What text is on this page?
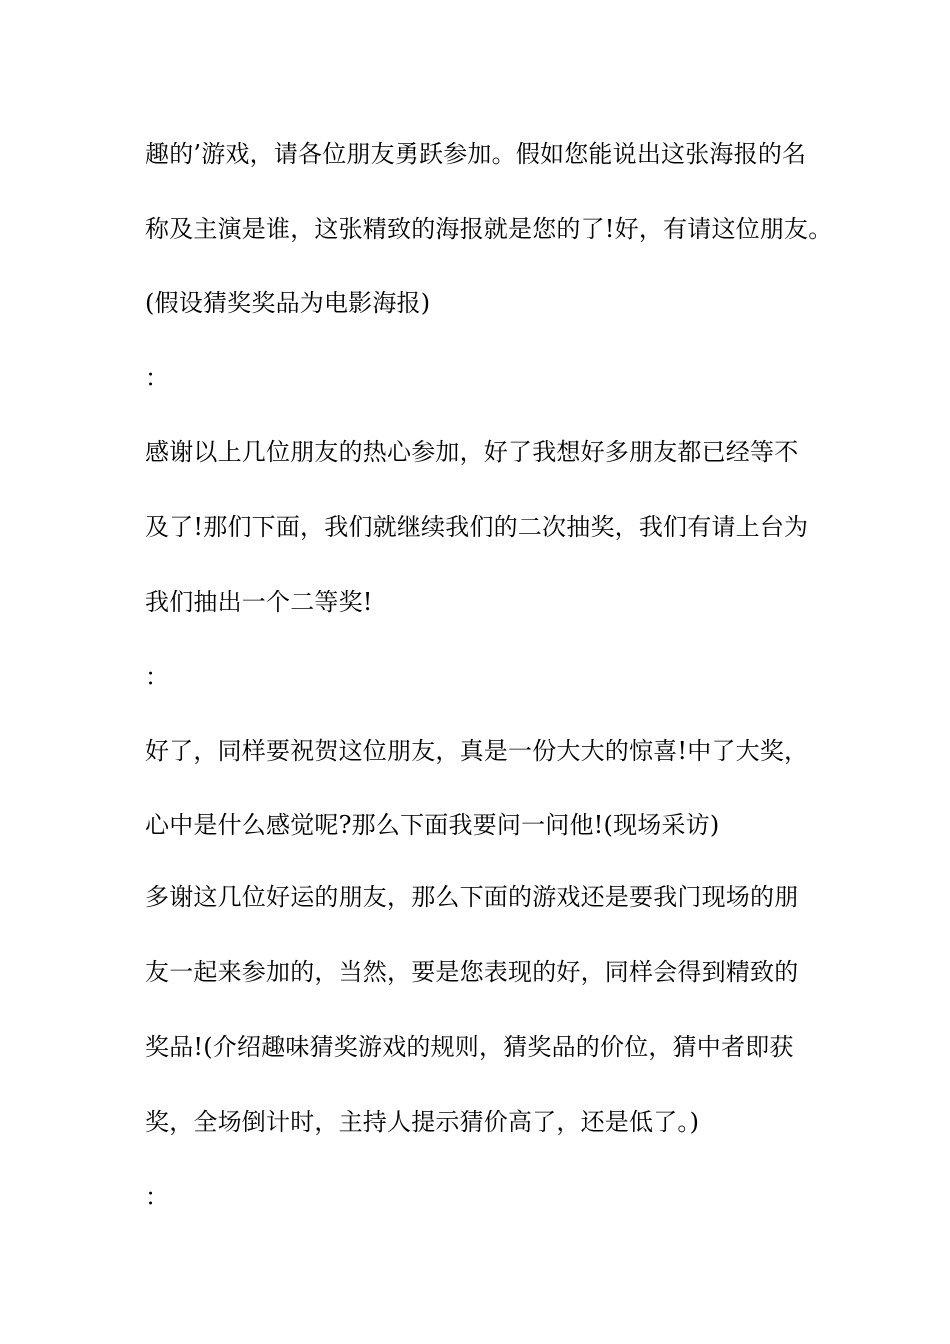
趣的’游戏，请各位朋友勇跃参加。假如您能说出这张海报的名
称及主演是谁，这张精致的海报就是您的了!好，有请这位朋友。
(假设猜奖奖品为电影海报)
：
感谢以上几位朋友的热心参加，好了我想好多朋友都已经等不
及了!那们下面，我们就继续我们的二次抽奖，我们有请上台为
我们抽出一个二等奖!
：
好了，同样要祝贺这位朋友，真是一份大大的惊喜!中了大奖，
心中是什么感觉呢?那么下面我要问一问他!(现场采访)
多谢这几位好运的朋友，那么下面的游戏还是要我门现场的朋
友一起来参加的，当然，要是您表现的好，同样会得到精致的
奖品!(介绍趣味猜奖游戏的规则，猜奖品的价位，猜中者即获
奖，全场倒计时，主持人提示猜价高了，还是低了。)
：
